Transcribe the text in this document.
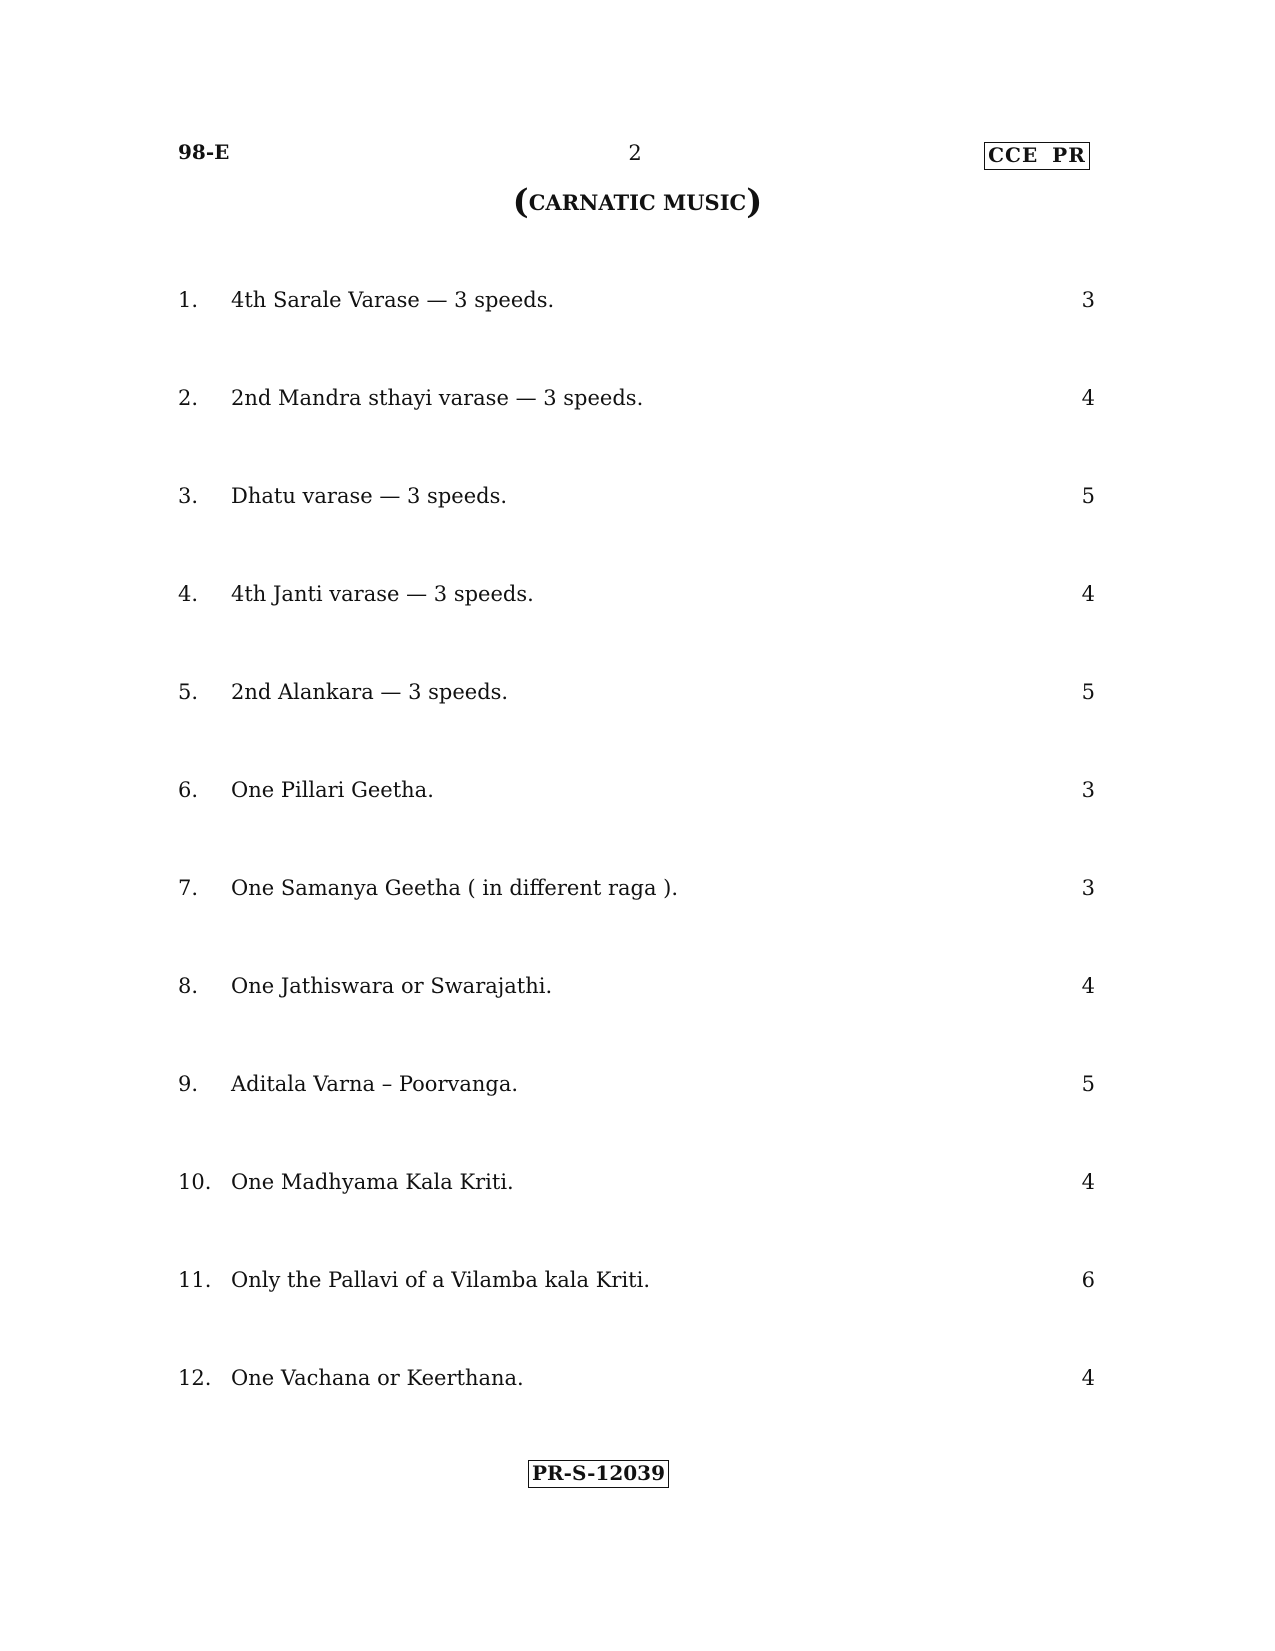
98-E	2	CCE PR
(CARNATIC MUSIC)
1. 4th Sarale Varase — 3 speeds.	3
2. 2nd Mandra sthayi varase — 3 speeds.	4
3. Dhatu varase — 3 speeds.	5
4. 4th Janti varase — 3 speeds.	4
5. 2nd Alankara — 3 speeds.	5
6. One Pillari Geetha.	3
7. One Samanya Geetha ( in different raga ).	3
8. One Jathiswara or Swarajathi.	4
9. Aditala Varna – Poorvanga.	5
10. One Madhyama Kala Kriti.	4
11. Only the Pallavi of a Vilamba kala Kriti.	6
12. One Vachana or Keerthana.	4
PR-S-12039
